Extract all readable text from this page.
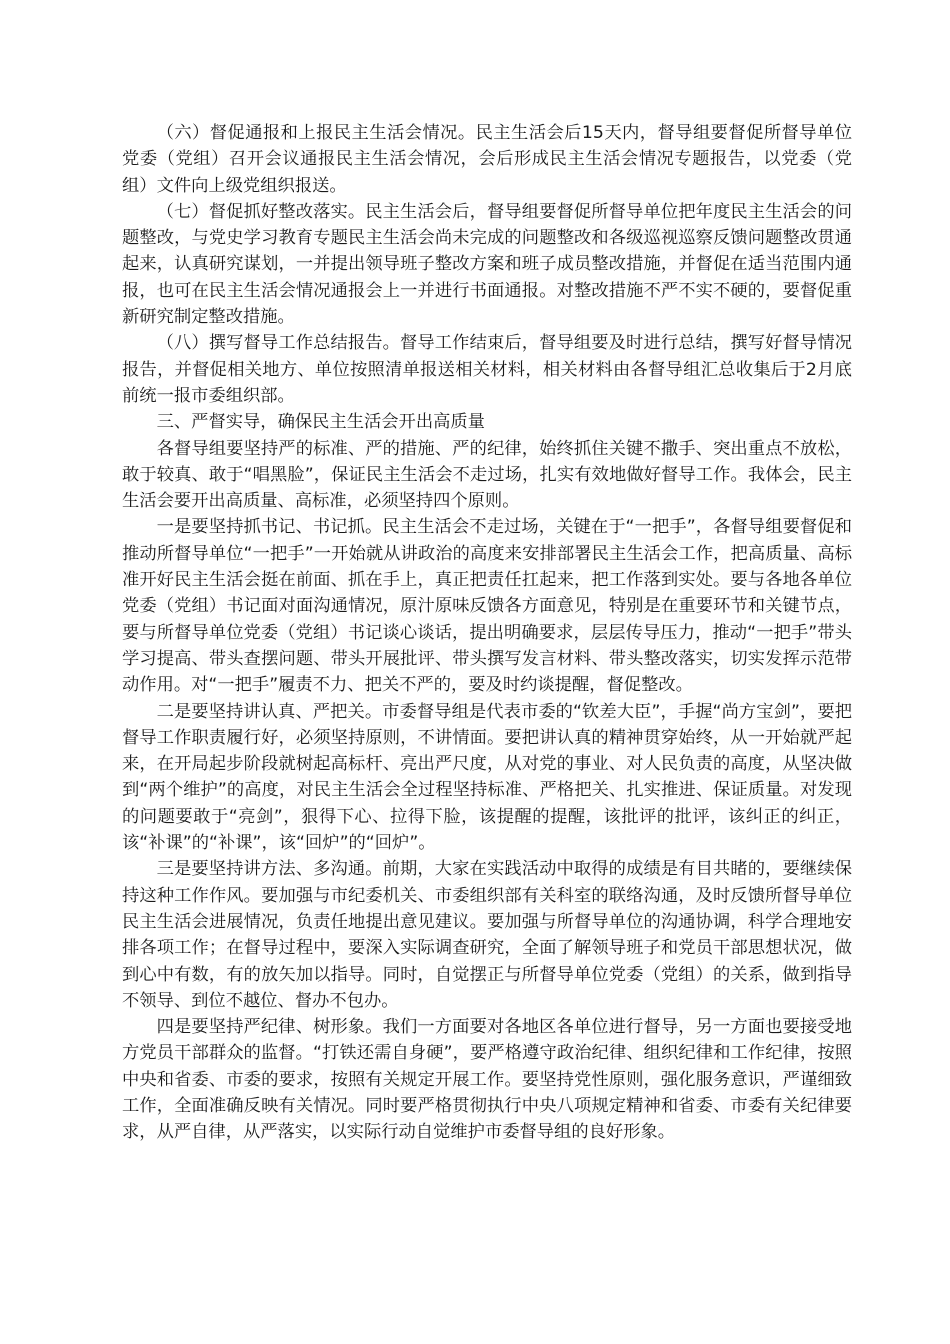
（六）督促通报和上报民主生活会情况。民主生活会后15天内，督导组要督促所督导单位党委（党组）召开会议通报民主生活会情况，会后形成民主生活会情况专题报告，以党委（党组）文件向上级党组织报送。

（七）督促抓好整改落实。民主生活会后，督导组要督促所督导单位把年度民主生活会的问题整改，与党史学习教育专题民主生活会尚未完成的问题整改和各级巡视巡察反馈问题整改贯通起来，认真研究谋划，一并提出领导班子整改方案和班子成员整改措施，并督促在适当范围内通报，也可在民主生活会情况通报会上一并进行书面通报。对整改措施不严不实不硬的，要督促重新研究制定整改措施。

（八）撰写督导工作总结报告。督导工作结束后，督导组要及时进行总结，撰写好督导情况报告，并督促相关地方、单位按照清单报送相关材料，相关材料由各督导组汇总收集后于2月底前统一报市委组织部。

三、严督实导，确保民主生活会开出高质量

各督导组要坚持严的标准、严的措施、严的纪律，始终抓住关键不撒手、突出重点不放松，敢于较真、敢于“唱黑脸”，保证民主生活会不走过场，扎实有效地做好督导工作。我体会，民主生活会要开出高质量、高标准，必须坚持四个原则。

一是要坚持抓书记、书记抓。民主生活会不走过场，关键在于“一把手”，各督导组要督促和推动所督导单位“一把手”一开始就从讲政治的高度来安排部署民主生活会工作，把高质量、高标准开好民主生活会挺在前面、抓在手上，真正把责任扛起来，把工作落到实处。要与各地各单位党委（党组）书记面对面沟通情况，原汁原味反馈各方面意见，特别是在重要环节和关键节点，要与所督导单位党委（党组）书记谈心谈话，提出明确要求，层层传导压力，推动“一把手”带头学习提高、带头查摆问题、带头开展批评、带头撰写发言材料、带头整改落实，切实发挥示范带动作用。对“一把手”履责不力、把关不严的，要及时约谈提醒，督促整改。

二是要坚持讲认真、严把关。市委督导组是代表市委的“钦差大臣”，手握“尚方宝剑”，要把督导工作职责履行好，必须坚持原则，不讲情面。要把讲认真的精神贯穿始终，从一开始就严起来，在开局起步阶段就树起高标杆、亮出严尺度，从对党的事业、对人民负责的高度，从坚决做到“两个维护”的高度，对民主生活会全过程坚持标准、严格把关、扎实推进、保证质量。对发现的问题要敢于“亮剑”，狠得下心、拉得下脸，该提醒的提醒，该批评的批评，该纠正的纠正，该“补课”的“补课”，该“回炉”的“回炉”。

三是要坚持讲方法、多沟通。前期，大家在实践活动中取得的成绩是有目共睹的，要继续保持这种工作作风。要加强与市纪委机关、市委组织部有关科室的联络沟通，及时反馈所督导单位民主生活会进展情况，负责任地提出意见建议。要加强与所督导单位的沟通协调，科学合理地安排各项工作；在督导过程中，要深入实际调查研究，全面了解领导班子和党员干部思想状况，做到心中有数，有的放矢加以指导。同时，自觉摆正与所督导单位党委（党组）的关系，做到指导不领导、到位不越位、督办不包办。

四是要坚持严纪律、树形象。我们一方面要对各地区各单位进行督导，另一方面也要接受地方党员干部群众的监督。“打铁还需自身硬”，要严格遵守政治纪律、组织纪律和工作纪律，按照中央和省委、市委的要求，按照有关规定开展工作。要坚持党性原则，强化服务意识，严谨细致工作，全面准确反映有关情况。同时要严格贯彻执行中央八项规定精神和省委、市委有关纪律要求，从严自律，从严落实，以实际行动自觉维护市委督导组的良好形象。
